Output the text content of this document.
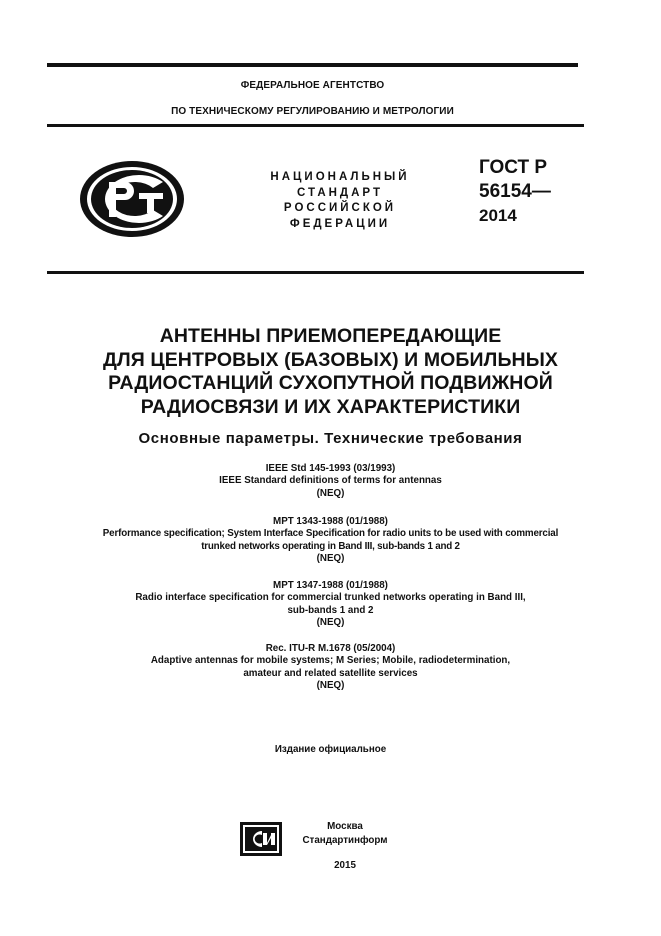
ФЕДЕРАЛЬНОЕ АГЕНТСТВО
ПО ТЕХНИЧЕСКОМУ РЕГУЛИРОВАНИЮ И МЕТРОЛОГИИ
НАЦИОНАЛЬНЫЙ
СТАНДАРТ
РОССИЙСКОЙ
ФЕДЕРАЦИИ
ГОСТ Р
56154—
2014
АНТЕННЫ ПРИЕМОПЕРЕДАЮЩИЕ
ДЛЯ ЦЕНТРОВЫХ (БАЗОВЫХ) И МОБИЛЬНЫХ
РАДИОСТАНЦИЙ СУХОПУТНОЙ ПОДВИЖНОЙ
РАДИОСВЯЗИ И ИХ ХАРАКТЕРИСТИКИ
Основные параметры. Технические требования
IEEE Std 145-1993 (03/1993)
IEEE Standard definitions of terms for antennas
(NEQ)
MPT 1343-1988 (01/1988)
Performance specification; System Interface Specification for radio units to be used with commercial
trunked networks operating in Band III, sub-bands 1 and 2
(NEQ)
MPT 1347-1988 (01/1988)
Radio interface specification for commercial trunked networks operating in Band III,
sub-bands 1 and 2
(NEQ)
Rec. ITU-R M.1678 (05/2004)
Adaptive antennas for mobile systems; M Series; Mobile, radiodetermination,
amateur and related satellite services
(NEQ)
Издание официальное
Москва
Стандартинформ
2015
